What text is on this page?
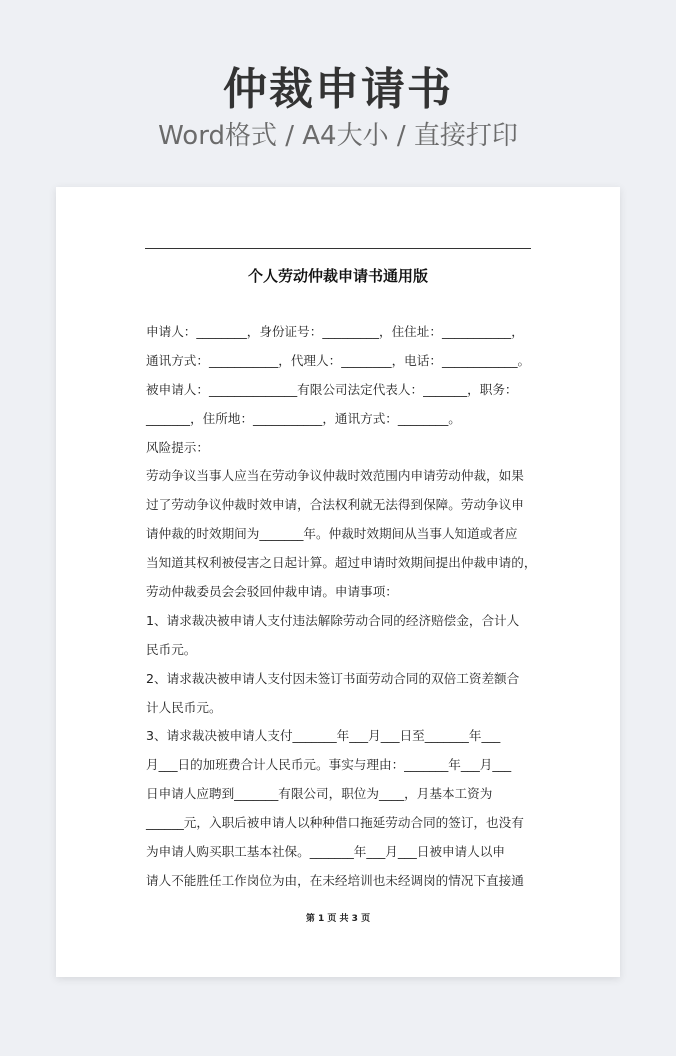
仲裁申请书
Word格式 / A4大小 / 直接打印
个人劳动仲裁申请书通用版
申请人：________，身份证号：_________，住住址：___________，
通讯方式：___________，代理人：________，电话：____________。
被申请人：______________有限公司法定代表人：_______，职务：
_______，住所地：___________，通讯方式：________。
风险提示：
劳动争议当事人应当在劳动争议仲裁时效范围内申请劳动仲裁，如果
过了劳动争议仲裁时效申请，合法权利就无法得到保障。劳动争议申
请仲裁的时效期间为_______年。仲裁时效期间从当事人知道或者应
当知道其权利被侵害之日起计算。超过申请时效期间提出仲裁申请的，
劳动仲裁委员会会驳回仲裁申请。申请事项：
1、请求裁决被申请人支付违法解除劳动合同的经济赔偿金，合计人
民币元。
2、请求裁决被申请人支付因未签订书面劳动合同的双倍工资差额合
计人民币元。
3、请求裁决被申请人支付_______年___月___日至_______年___
月___日的加班费合计人民币元。事实与理由：_______年___月___
日申请人应聘到_______有限公司，职位为____，月基本工资为
______元，入职后被申请人以种种借口拖延劳动合同的签订，也没有
为申请人购买职工基本社保。_______年___月___日被申请人以申
请人不能胜任工作岗位为由，在未经培训也未经调岗的情况下直接通
第 1 页 共 3 页
